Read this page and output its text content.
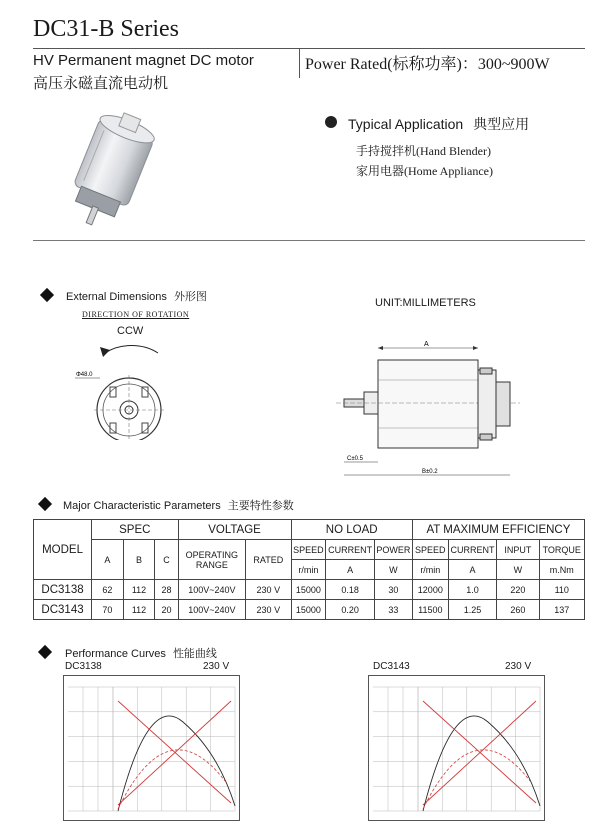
DC31-B Series
HV Permanent magnet DC motor
高压永磁直流电动机
Power Rated(标称功率)：300~900W
Typical Application 典型应用
手持搅拌机(Hand Blender)
家用电器(Home Appliance)
External Dimensions 外形图
DIRECTION OF ROTATION
CCW
UNIT:MILLIMETERS
Φ48.0
A
C±0.5
B±0.2
Major Characteristic Parameters 主要特性参数
MODEL	SPEC			VOLTAGE		NO LOAD			AT MAXIMUM EFFICIENCY			
	A	B	C	OPERATING RANGE	RATED	SPEED	CURRENT	POWER	SPEED	CURRENT	INPUT	TORQUE
						r/min	A	W	r/min	A	W	m.Nm
DC3138	62	112	28	100V~240V	230 V	15000	0.18	30	12000	1.0	220	110
DC3143	70	112	20	100V~240V	230 V	15000	0.20	33	11500	1.25	260	137
Performance Curves 性能曲线
DC3138	230 V	DC3143	230 V
